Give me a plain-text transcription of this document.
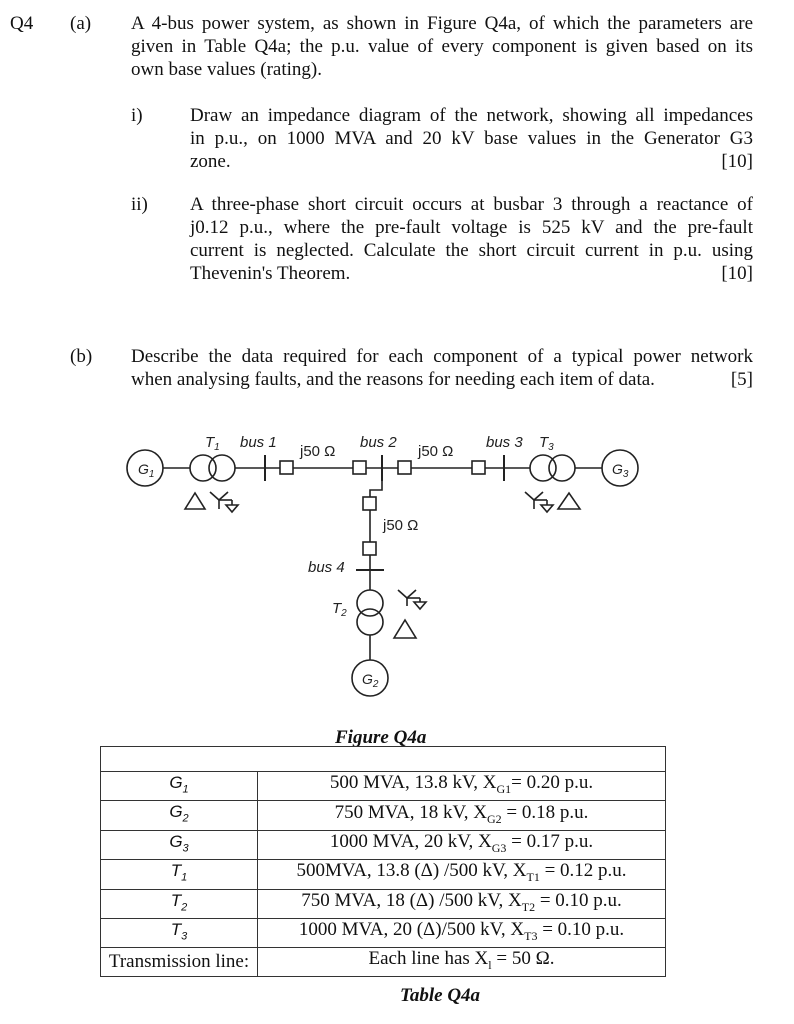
Q4 (a) A 4-bus power system, as shown in Figure Q4a, of which the parameters are
given in Table Q4a; the p.u. value of every component is given based on its
own base values (rating).
i) Draw an impedance diagram of the network, showing all impedances
in p.u., on 1000 MVA and 20 kV base values in the Generator G3
zone.	[10]
ii) A three-phase short circuit occurs at busbar 3 through a reactance of
j0.12 p.u., where the pre-fault voltage is 525 kV and the pre-fault
current is neglected. Calculate the short circuit current in p.u. using
Thevenin's Theorem.	[10]
(b) Describe the data required for each component of a typical power network
when analysing faults, and the reasons for needing each item of data.	[5]
$G_1$	$G_3$
$G_2$
$T_1$	$T_3$
$T_2$
bus 1	bus 2	bus 3
bus 4
j50 Ω	j50 Ω
j50 Ω
Figure Q4a

$G_1$	500 MVA, 13.8 kV, $X_{G1}= 0.20$ p.u.
$G_2$	750 MVA, 18 kV, $X_{G2} = 0.18$ p.u.
$G_3$	1000 MVA, 20 kV, $X_{G3} = 0.17$ p.u.
$T_1$	500MVA, 13.8 (Δ) /500 kV, $X_{T1} = 0.12$ p.u.
$T_2$	750 MVA, 18 (Δ) /500 kV, $X_{T2} = 0.10$ p.u.
$T_3$	1000 MVA, 20 (Δ)/500 kV, $X_{T3} = 0.10$ p.u.
Transmission line:	Each line has $X_l = 50$ Ω.
Table Q4a
